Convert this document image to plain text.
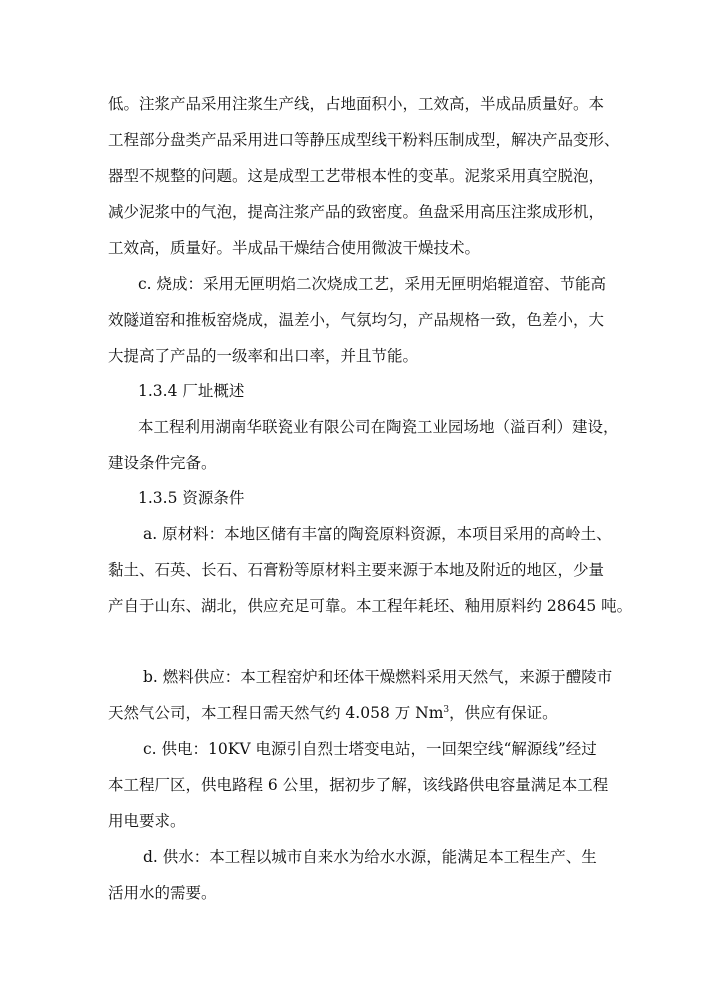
低。注浆产品采用注浆生产线，占地面积小，工效高，半成品质量好。本
工程部分盘类产品采用进口等静压成型线干粉料压制成型，解决产品变形、
器型不规整的问题。这是成型工艺带根本性的变革。泥浆采用真空脱泡，
减少泥浆中的气泡，提高注浆产品的致密度。鱼盘采用高压注浆成形机，
工效高，质量好。半成品干燥结合使用微波干燥技术。
c. 烧成：采用无匣明焰二次烧成工艺，采用无匣明焰辊道窑、节能高
效隧道窑和推板窑烧成，温差小，气氛均匀，产品规格一致，色差小，大
大提高了产品的一级率和出口率，并且节能。
1.3.4 厂址概述
本工程利用湖南华联瓷业有限公司在陶瓷工业园场地（溢百利）建设，
建设条件完备。
1.3.5 资源条件
a. 原材料：本地区储有丰富的陶瓷原料资源，本项目采用的高岭土、
黏土、石英、长石、石膏粉等原材料主要来源于本地及附近的地区，少量
产自于山东、湖北，供应充足可靠。本工程年耗坯、釉用原料约 28645 吨。
b. 燃料供应：本工程窑炉和坯体干燥燃料采用天然气，来源于醴陵市
天然气公司，本工程日需天然气约 4.058 万 Nm$^3$，供应有保证。
c. 供电：10KV 电源引自烈士塔变电站，一回架空线“解源线”经过
本工程厂区，供电路程 6 公里，据初步了解，该线路供电容量满足本工程
用电要求。
d. 供水：本工程以城市自来水为给水水源，能满足本工程生产、生
活用水的需要。
